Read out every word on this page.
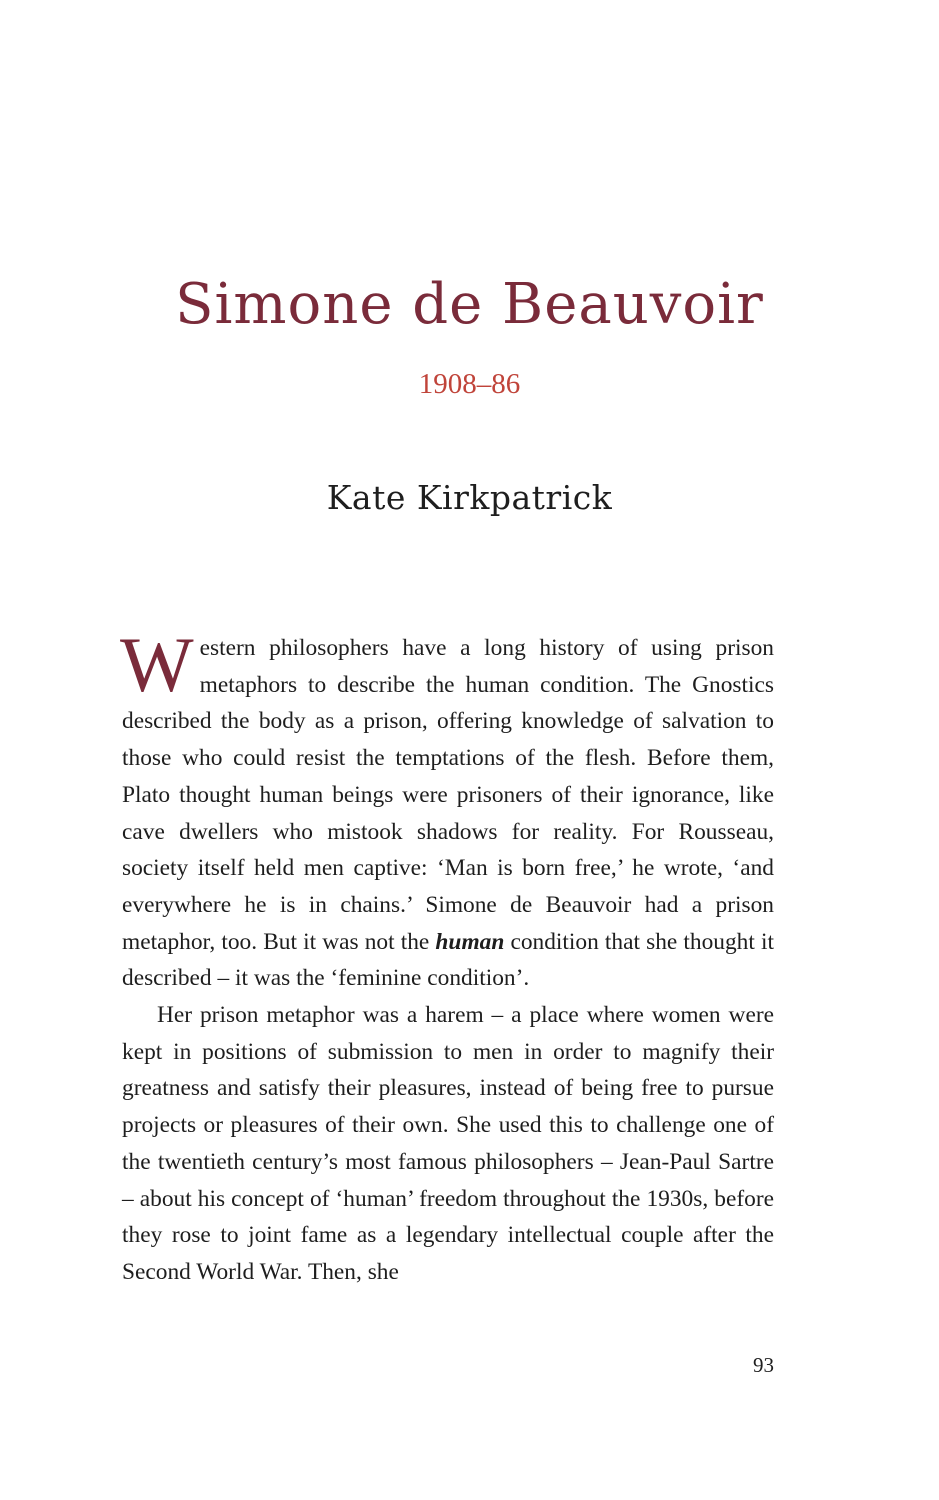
Simone de Beauvoir
1908–86
Kate Kirkpatrick

Western philosophers have a long history of using prison metaphors to describe the human condition. The Gnostics described the body as a prison, offering knowledge of salvation to those who could resist the temptations of the flesh. Before them, Plato thought human beings were prisoners of their ignorance, like cave dwellers who mistook shadows for reality. For Rousseau, society itself held men captive: ‘Man is born free,’ he wrote, ‘and everywhere he is in chains.’ Simone de Beauvoir had a prison metaphor, too. But it was not the human condition that she thought it described – it was the ‘feminine condition’.

Her prison metaphor was a harem – a place where women were kept in positions of submission to men in order to magnify their greatness and satisfy their pleasures, instead of being free to pursue projects or pleasures of their own. She used this to challenge one of the twentieth century’s most famous philosophers – Jean-Paul Sartre – about his concept of ‘human’ freedom throughout the 1930s, before they rose to joint fame as a legendary intellectual couple after the Second World War. Then, she

93
